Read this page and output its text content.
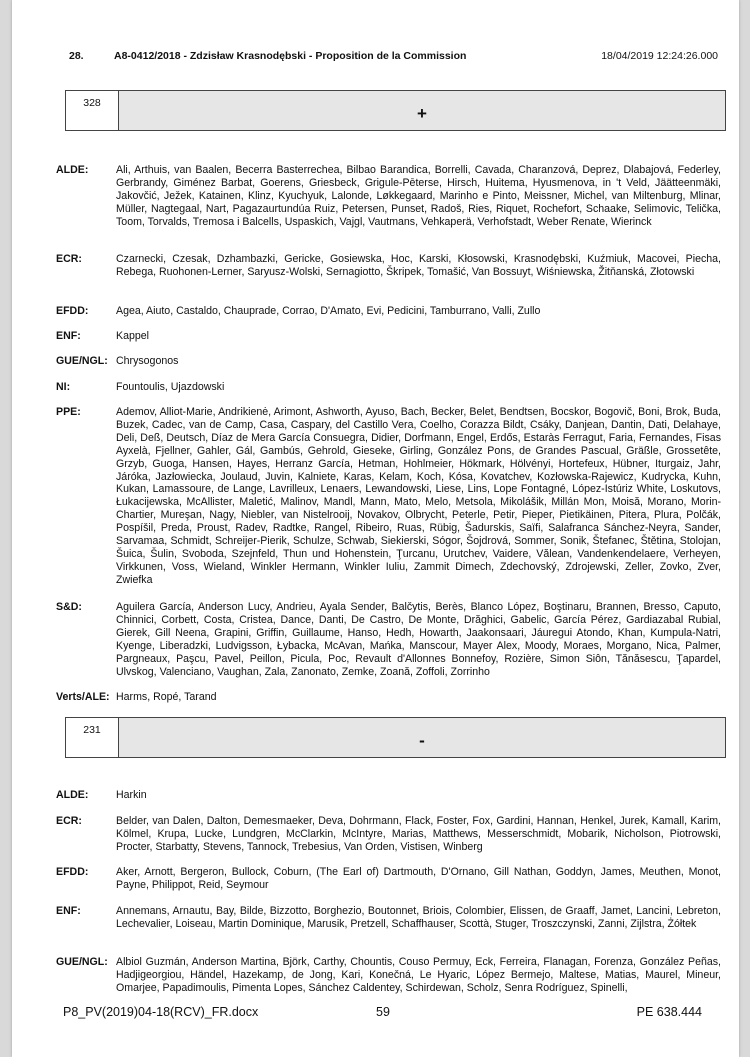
28.	A8-0412/2018 - Zdzisław Krasnodębski - Proposition de la Commission	18/04/2019 12:24:26.000
328
+
ALDE:	Ali, Arthuis, van Baalen, Becerra Basterrechea, Bilbao Barandica, Borrelli, Cavada, Charanzová, Deprez, Dlabajová, Federley, Gerbrandy, Giménez Barbat, Goerens, Griesbeck, Grigule-Pēterse, Hirsch, Huitema, Hyusmenova, in 't Veld, Jäätteenmäki, Jakovčić, Ježek, Katainen, Klinz, Kyuchyuk, Lalonde, Løkkegaard, Marinho e Pinto, Meissner, Michel, van Miltenburg, Mlinar, Müller, Nagtegaal, Nart, Pagazaurtundúa Ruiz, Petersen, Punset, Radoš, Ries, Riquet, Rochefort, Schaake, Selimovic, Telička, Toom, Torvalds, Tremosa i Balcells, Uspaskich, Vajgl, Vautmans, Vehkaperä, Verhofstadt, Weber Renate, Wierinck
ECR:	Czarnecki, Czesak, Dzhambazki, Gericke, Gosiewska, Hoc, Karski, Kłosowski, Krasnodębski, Kuźmiuk, Macovei, Piecha, Rebega, Ruohonen-Lerner, Saryusz-Wolski, Sernagiotto, Škripek, Tomašić, Van Bossuyt, Wiśniewska, Žitňanská, Złotowski
EFDD:	Agea, Aiuto, Castaldo, Chauprade, Corrao, D'Amato, Evi, Pedicini, Tamburrano, Valli, Zullo
ENF:	Kappel
GUE/NGL: Chrysogonos
NI:	Fountoulis, Ujazdowski
PPE:	Ademov, Alliot-Marie, Andrikienė, Arimont, Ashworth, Ayuso, Bach, Becker, Belet, Bendtsen, Bocskor, Bogovič, Boni, Brok, Buda, Buzek, Cadec, van de Camp, Casa, Caspary, del Castillo Vera, Coelho, Corazza Bildt, Csáky, Danjean, Dantin, Dati, Delahaye, Deli, Deß, Deutsch, Díaz de Mera García Consuegra, Didier, Dorfmann, Engel, Erdős, Estaràs Ferragut, Faria, Fernandes, Fisas Ayxelà, Fjellner, Gahler, Gál, Gambús, Gehrold, Gieseke, Girling, González Pons, de Grandes Pascual, Gräßle, Grossetête, Grzyb, Guoga, Hansen, Hayes, Herranz García, Hetman, Hohlmeier, Hökmark, Hölvényi, Hortefeux, Hübner, Iturgaiz, Jahr, Járóka, Jazłowiecka, Joulaud, Juvin, Kalniete, Karas, Kelam, Koch, Kósa, Kovatchev, Kozłowska-Rajewicz, Kudrycka, Kuhn, Kukan, Lamassoure, de Lange, Lavrilleux, Lenaers, Lewandowski, Liese, Lins, Lope Fontagné, López-Istúriz White, Loskutovs, Łukacijewska, McAllister, Maletić, Malinov, Mandl, Mann, Mato, Melo, Metsola, Mikolášik, Millán Mon, Moisă, Morano, Morin-Chartier, Mureşan, Nagy, Niebler, van Nistelrooij, Novakov, Olbrycht, Peterle, Petir, Pieper, Pietikäinen, Pitera, Plura, Polčák, Pospíšil, Preda, Proust, Radev, Radtke, Rangel, Ribeiro, Ruas, Rübig, Šadurskis, Saïfi, Salafranca Sánchez-Neyra, Sander, Sarvamaa, Schmidt, Schreijer-Pierik, Schulze, Schwab, Siekierski, Sógor, Šojdrová, Sommer, Sonik, Štefanec, Štětina, Stolojan, Šuica, Šulin, Svoboda, Szejnfeld, Thun und Hohenstein, Ţurcanu, Urutchev, Vaidere, Vălean, Vandenkendelaere, Verheyen, Virkkunen, Voss, Wieland, Winkler Hermann, Winkler Iuliu, Zammit Dimech, Zdechovský, Zdrojewski, Zeller, Zovko, Zver, Zwiefka
S&D:	Aguilera García, Anderson Lucy, Andrieu, Ayala Sender, Balčytis, Berès, Blanco López, Boştinaru, Brannen, Bresso, Caputo, Chinnici, Corbett, Costa, Cristea, Dance, Danti, De Castro, De Monte, Drăghici, Gabelic, García Pérez, Gardiazabal Rubial, Gierek, Gill Neena, Grapini, Griffin, Guillaume, Hanso, Hedh, Howarth, Jaakonsaari, Jáuregui Atondo, Khan, Kumpula-Natri, Kyenge, Liberadzki, Ludvigsson, Łybacka, McAvan, Mańka, Manscour, Mayer Alex, Moody, Moraes, Morgano, Nica, Palmer, Pargneaux, Paşcu, Pavel, Peillon, Picula, Poc, Revault d'Allonnes Bonnefoy, Rozière, Simon Siôn, Tănăsescu, Ţapardel, Ulvskog, Valenciano, Vaughan, Zala, Zanonato, Zemke, Zoană, Zoffoli, Zorrinho
Verts/ALE: Harms, Ropé, Tarand
231
-
ALDE:	Harkin
ECR:	Belder, van Dalen, Dalton, Demesmaeker, Deva, Dohrmann, Flack, Foster, Fox, Gardini, Hannan, Henkel, Jurek, Kamall, Karim, Kölmel, Krupa, Lucke, Lundgren, McClarkin, McIntyre, Marias, Matthews, Messerschmidt, Mobarik, Nicholson, Piotrowski, Procter, Starbatty, Stevens, Tannock, Trebesius, Van Orden, Vistisen, Winberg
EFDD:	Aker, Arnott, Bergeron, Bullock, Coburn, (The Earl of) Dartmouth, D'Ornano, Gill Nathan, Goddyn, James, Meuthen, Monot, Payne, Philippot, Reid, Seymour
ENF:	Annemans, Arnautu, Bay, Bilde, Bizzotto, Borghezio, Boutonnet, Briois, Colombier, Elissen, de Graaff, Jamet, Lancini, Lebreton, Lechevalier, Loiseau, Martin Dominique, Marusik, Pretzell, Schaffhauser, Scottà, Stuger, Troszczynski, Zanni, Zijlstra, Żółtek
GUE/NGL: Albiol Guzmán, Anderson Martina, Björk, Carthy, Chountis, Couso Permuy, Eck, Ferreira, Flanagan, Forenza, González Peñas, Hadjigeorgiou, Händel, Hazekamp, de Jong, Kari, Konečná, Le Hyaric, López Bermejo, Maltese, Matias, Maurel, Mineur, Omarjee, Papadimoulis, Pimenta Lopes, Sánchez Caldentey, Schirdewan, Scholz, Senra Rodríguez, Spinelli,
P8_PV(2019)04-18(RCV)_FR.docx	59	PE 638.444
